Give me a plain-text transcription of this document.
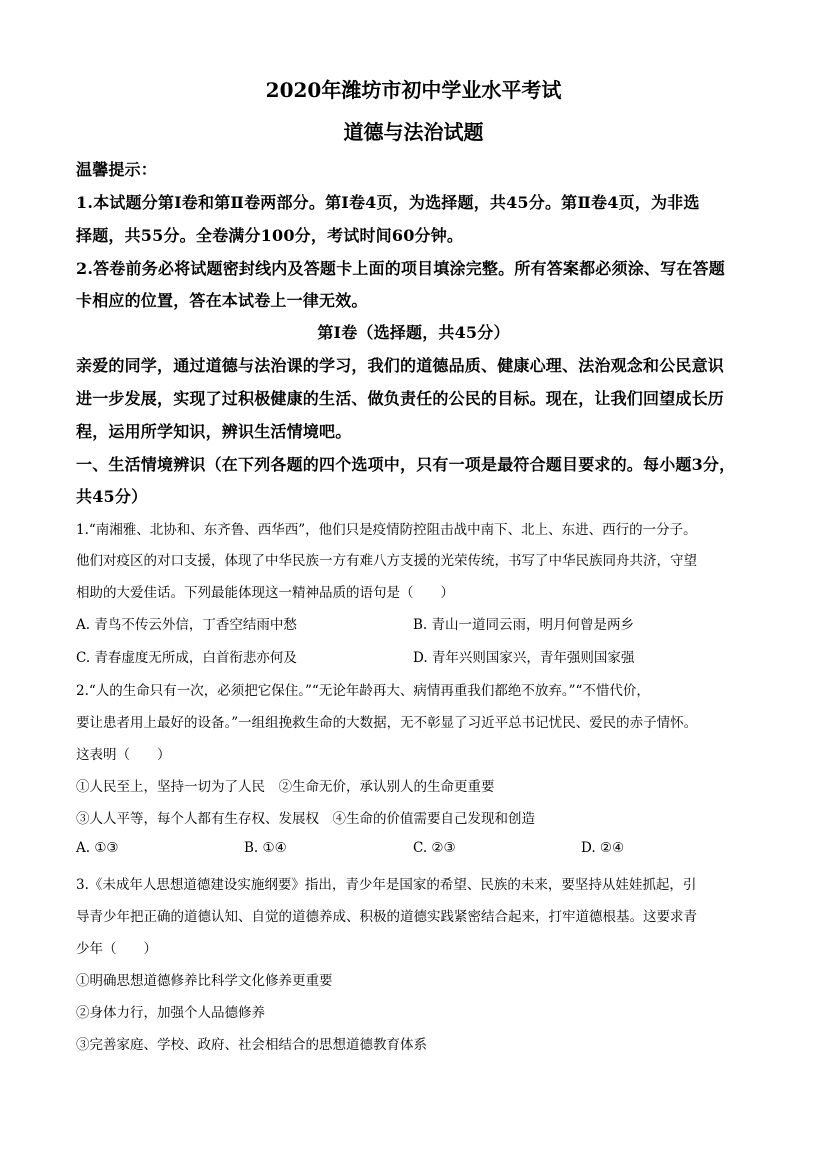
2020年潍坊市初中学业水平考试
道德与法治试题
温馨提示：
1.本试题分第Ⅰ卷和第Ⅱ卷两部分。第Ⅰ卷4页，为选择题，共45分。第Ⅱ卷4页，为非选
择题，共55分。全卷满分100分，考试时间60分钟。
2.答卷前务必将试题密封线内及答题卡上面的项目填涂完整。所有答案都必须涂、写在答题
卡相应的位置，答在本试卷上一律无效。
第Ⅰ卷（选择题，共45分）
亲爱的同学，通过道德与法治课的学习，我们的道德品质、健康心理、法治观念和公民意识
进一步发展，实现了过积极健康的生活、做负责任的公民的目标。现在，让我们回望成长历
程，运用所学知识，辨识生活情境吧。
一、生活情境辨识（在下列各题的四个选项中，只有一项是最符合题目要求的。每小题3分，
共45分）
1.“南湘雅、北协和、东齐鲁、西华西”，他们只是疫情防控阻击战中南下、北上、东进、西行的一分子。
他们对疫区的对口支援，体现了中华民族一方有难八方支援的光荣传统，书写了中华民族同舟共济，守望
相助的大爱佳话。下列最能体现这一精神品质的语句是（　　）
A. 青鸟不传云外信，丁香空结雨中愁	B. 青山一道同云雨，明月何曾是两乡
C. 青春虚度无所成，白首衔悲亦何及	D. 青年兴则国家兴，青年强则国家强
2.“人的生命只有一次，必须把它保住。”“无论年龄再大、病情再重我们都绝不放弃。”“不惜代价，
要让患者用上最好的设备。”一组组挽救生命的大数据，无不彰显了习近平总书记忧民、爱民的赤子情怀。
这表明（　　）
①人民至上，坚持一切为了人民　②生命无价，承认别人的生命更重要
③人人平等，每个人都有生存权、发展权　④生命的价值需要自己发现和创造
A. ①③	B. ①④	C. ②③	D. ②④
3.《未成年人思想道德建设实施纲要》指出，青少年是国家的希望、民族的未来，要坚持从娃娃抓起，引
导青少年把正确的道德认知、自觉的道德养成、积极的道德实践紧密结合起来，打牢道德根基。这要求青
少年（　　）
①明确思想道德修养比科学文化修养更重要
②身体力行，加强个人品德修养
③完善家庭、学校、政府、社会相结合的思想道德教育体系
